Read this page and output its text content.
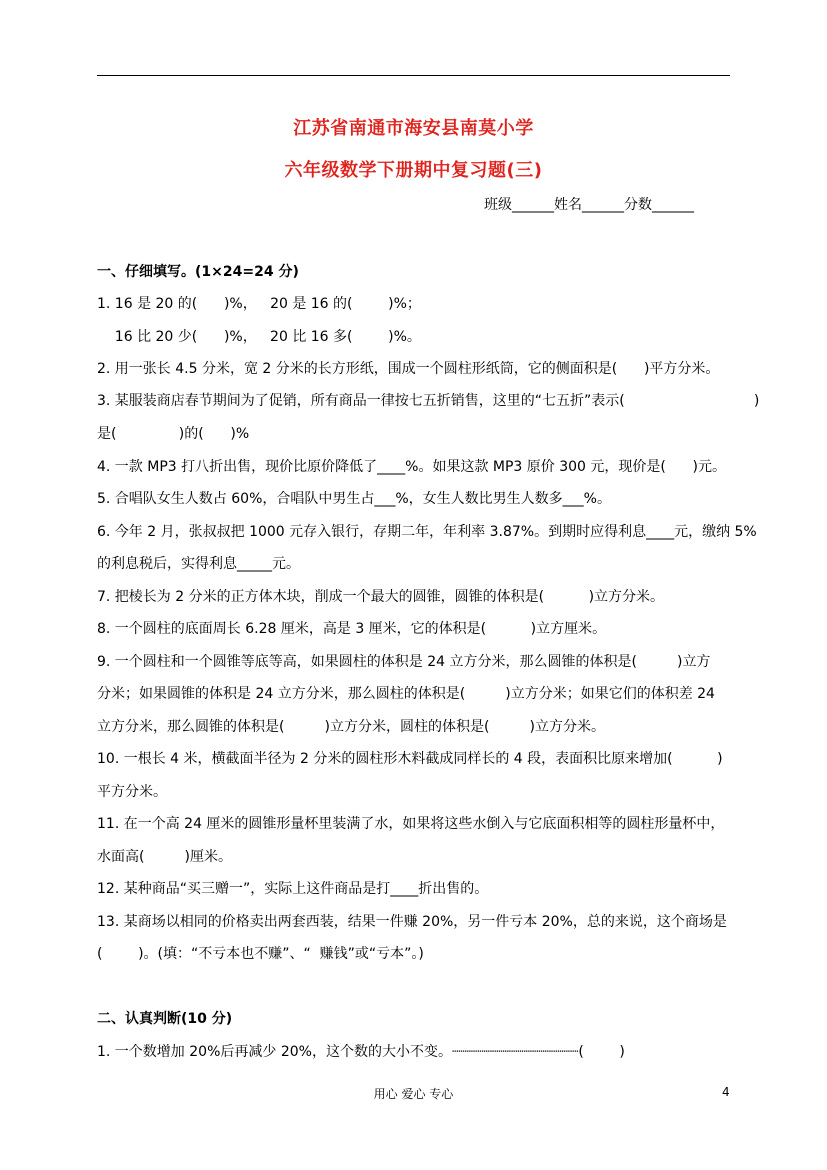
江苏省南通市海安县南莫小学
六年级数学下册期中复习题(三)
班级______姓名______分数______
一、仔细填写。(1×24=24 分)
1. 16 是 20 的(      )%，   20 是 16 的(        )%；
16 比 20 少(      )%，   20 比 16 多(        )%。
2. 用一张长 4.5 分米，宽 2 分米的长方形纸，围成一个圆柱形纸筒，它的侧面积是(      )平方分米。
3. 某服装商店春节期间为了促销，所有商品一律按七五折销售，这里的“七五折”表示(                             )
是(              )的(      )%
4. 一款 MP3 打八折出售，现价比原价降低了____%。如果这款 MP3 原价 300 元，现价是(      )元。
5. 合唱队女生人数占 60%，合唱队中男生占___%，女生人数比男生人数多___%。
6. 今年 2 月，张叔叔把 1000 元存入银行，存期二年，年利率 3.87%。到期时应得利息____元，缴纳 5%
的利息税后，实得利息_____元。
7. 把棱长为 2 分米的正方体木块，削成一个最大的圆锥，圆锥的体积是(          )立方分米。
8. 一个圆柱的底面周长 6.28 厘米，高是 3 厘米，它的体积是(          )立方厘米。
9. 一个圆柱和一个圆锥等底等高，如果圆柱的体积是 24 立方分米，那么圆锥的体积是(         )立方
分米；如果圆锥的体积是 24 立方分米，那么圆柱的体积是(         )立方分米；如果它们的体积差 24
立方分米，那么圆锥的体积是(         )立方分米，圆柱的体积是(         )立方分米。
10. 一根长 4 米，横截面半径为 2 分米的圆柱形木料截成同样长的 4 段，表面积比原来增加(          )
平方分米。
11. 在一个高 24 厘米的圆锥形量杯里装满了水，如果将这些水倒入与它底面积相等的圆柱形量杯中，
水面高(         )厘米。
12. 某种商品“买三赠一”，实际上这件商品是打____折出售的。
13. 某商场以相同的价格卖出两套西装，结果一件赚 20%，另一件亏本 20%，总的来说，这个商场是
(        )。(填：“不亏本也不赚”、“  赚钱”或“亏本”。)
二、认真判断(10 分)
1. 一个数增加 20%后再减少 20%，这个数的大小不变。┈┈┈┈┈┈┈┈┈┈┈┈┈┈┈(        )
用心 爱心 专心	4
